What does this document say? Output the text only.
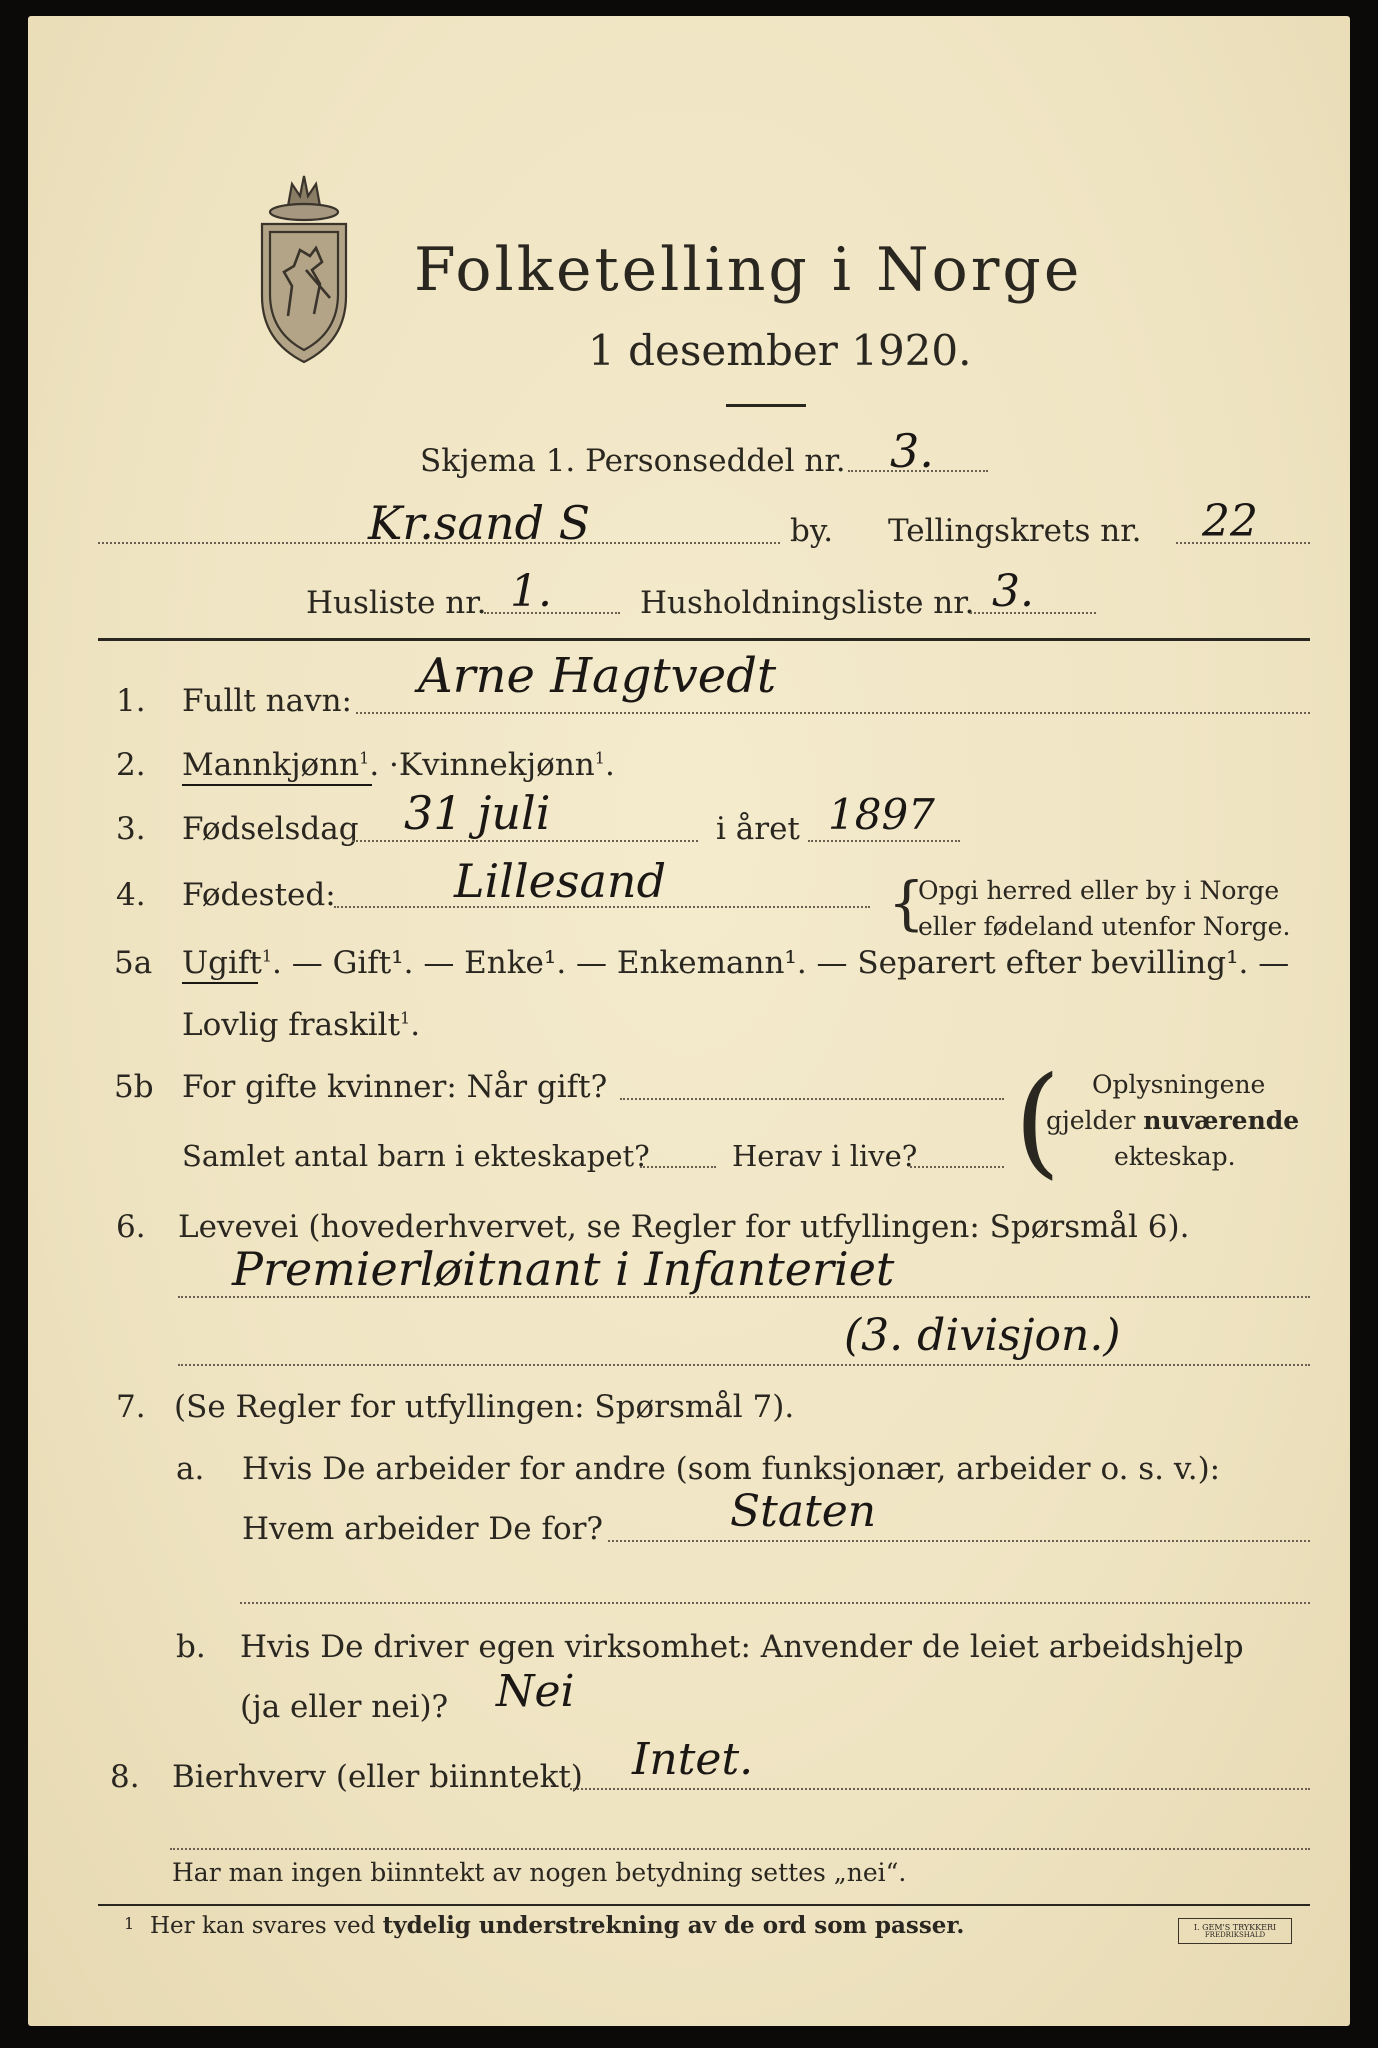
Folketelling i Norge
1 desember 1920.
Skjema 1. Personseddel nr. 3.
Kr.sand S	by. Tellingskrets nr. 22
Husliste nr. 1.	Husholdningsliste nr. 3.
1. Fullt navn: Arne Hagtvedt
2. Mannkjønn$^1$. ·Kvinnekjønn$^1$.
3. Fødselsdag 31 juli	i året 1897
4. Fødested:	Lillesand	{
Opgi herred eller by i Norge
eller fødeland utenfor Norge.
5a Ugift$^1$. — Gift¹. — Enke¹. — Enkemann¹. — Separert efter bevilling¹. —
Lovlig fraskilt$^1$.
5b For gifte kvinner: Når gift?
Samlet antal barn i ekteskapet?	Herav i live? ( Oplysningene
gjelder nuværende
ekteskap.
6. Levevei (hovederhvervet, se Regler for utfyllingen: Spørsmål 6).
Premierløitnant i Infanteriet
(3. divisjon.)
7. (Se Regler for utfyllingen: Spørsmål 7).
a. Hvis De arbeider for andre (som funksjonær, arbeider o. s. v.):
Hvem arbeider De for?	Staten
b. Hvis De driver egen virksomhet: Anvender de leiet arbeidshjelp
(ja eller nei)? Nei
8. Bierhverv (eller biinntekt) Intet.
Har man ingen biinntekt av nogen betydning settes „nei“.
1 Her kan svares ved tydelig understrekning av de ord som passer.	I. GEM'S TRYKKERI
FREDRIKSHALD
